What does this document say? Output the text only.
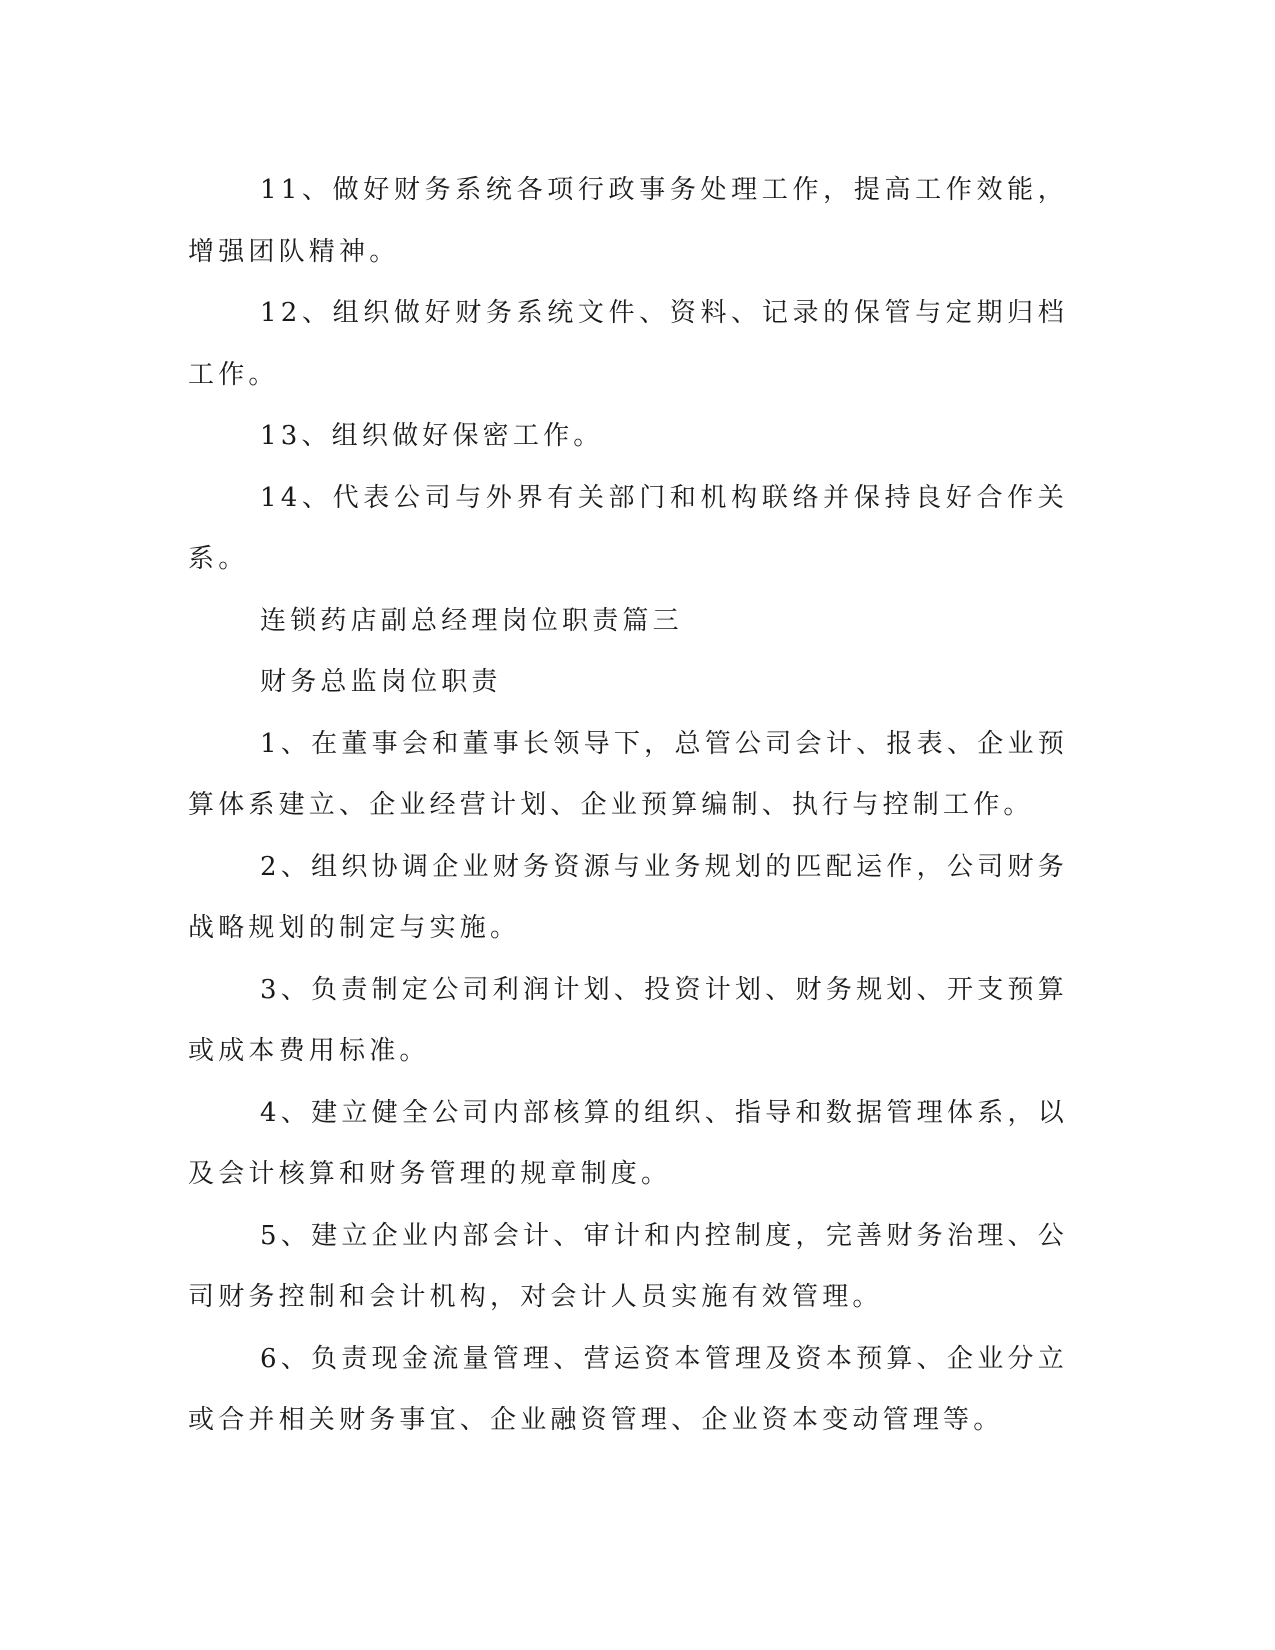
11、做好财务系统各项行政事务处理工作，提高工作效能，增强团队精神。

12、组织做好财务系统文件、资料、记录的保管与定期归档工作。

13、组织做好保密工作。

14、代表公司与外界有关部门和机构联络并保持良好合作关系。

连锁药店副总经理岗位职责篇三

财务总监岗位职责

1、在董事会和董事长领导下，总管公司会计、报表、企业预算体系建立、企业经营计划、企业预算编制、执行与控制工作。

2、组织协调企业财务资源与业务规划的匹配运作，公司财务战略规划的制定与实施。

3、负责制定公司利润计划、投资计划、财务规划、开支预算或成本费用标准。

4、建立健全公司内部核算的组织、指导和数据管理体系，以及会计核算和财务管理的规章制度。

5、建立企业内部会计、审计和内控制度，完善财务治理、公司财务控制和会计机构，对会计人员实施有效管理。

6、负责现金流量管理、营运资本管理及资本预算、企业分立或合并相关财务事宜、企业融资管理、企业资本变动管理等。
